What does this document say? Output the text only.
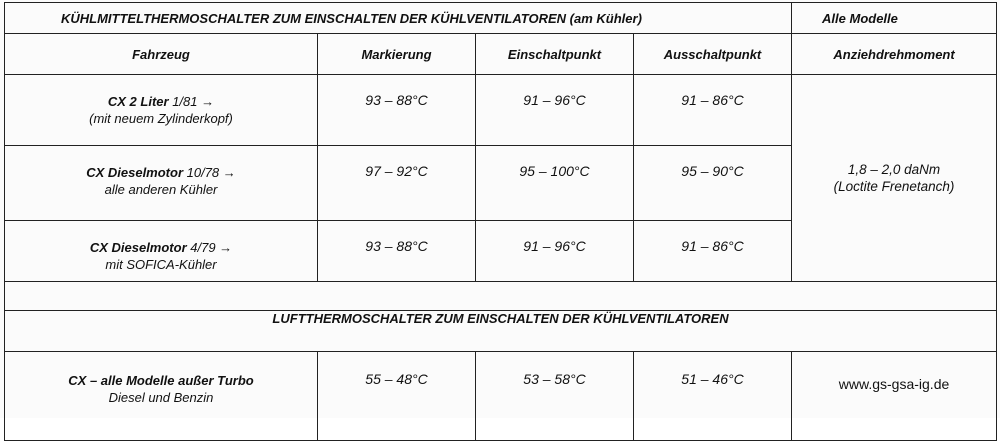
KÜHLMITTELTHERMOSCHALTER ZUM EINSCHALTEN DER KÜHLVENTILATOREN (am Kühler)				Alle Modelle
Fahrzeug	Markierung	Einschaltpunkt	Ausschaltpunkt	Anziehdrehmoment
CX 2 Liter 1/81 →
(mit neuem Zylinderkopf)	93 – 88°C	91 – 96°C	91 – 86°C	1,8 – 2,0 daNm
(Loctite Frenetanch)
CX Dieselmotor 10/78 →
alle anderen Kühler	97 – 92°C	95 – 100°C	95 – 90°C	
CX Dieselmotor 4/79 →
mit SOFICA-Kühler	93 – 88°C	91 – 96°C	91 – 86°C	

LUFTTHERMOSCHALTER ZUM EINSCHALTEN DER KÜHLVENTILATOREN				
CX – alle Modelle außer Turbo
Diesel und Benzin	55 – 48°C	53 – 58°C	51 – 46°C	www.gs-gsa-ig.de
